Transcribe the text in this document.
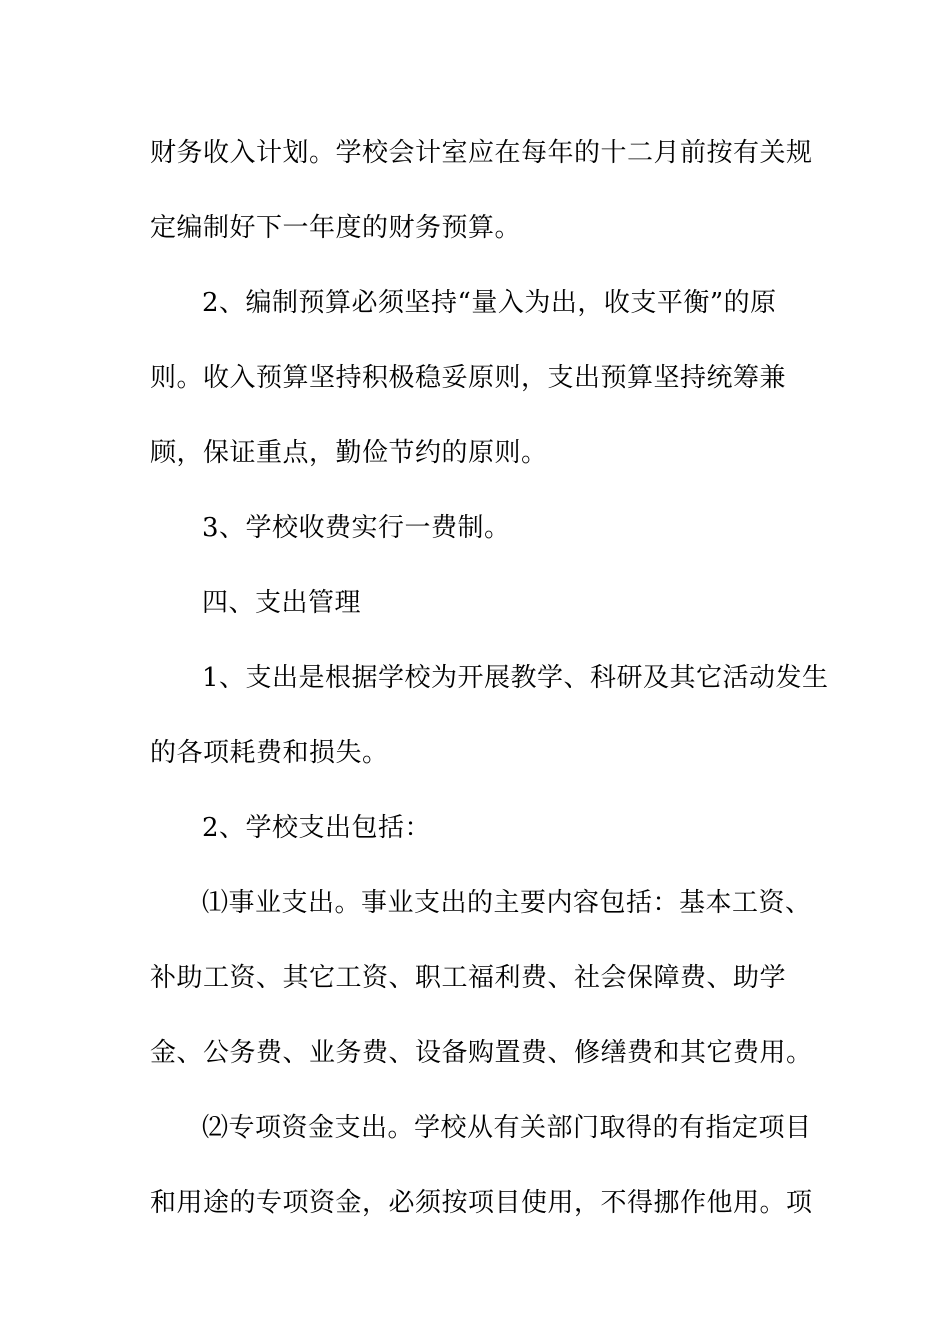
财务收入计划。学校会计室应在每年的十二月前按有关规
定编制好下一年度的财务预算。
2、编制预算必须坚持“量入为出，收支平衡”的原
则。收入预算坚持积极稳妥原则，支出预算坚持统筹兼
顾，保证重点，勤俭节约的原则。
3、学校收费实行一费制。
四、支出管理
1、支出是根据学校为开展教学、科研及其它活动发生
的各项耗费和损失。
2、学校支出包括：
⑴事业支出。事业支出的主要内容包括：基本工资、
补助工资、其它工资、职工福利费、社会保障费、助学
金、公务费、业务费、设备购置费、修缮费和其它费用。
⑵专项资金支出。学校从有关部门取得的有指定项目
和用途的专项资金，必须按项目使用，不得挪作他用。项
